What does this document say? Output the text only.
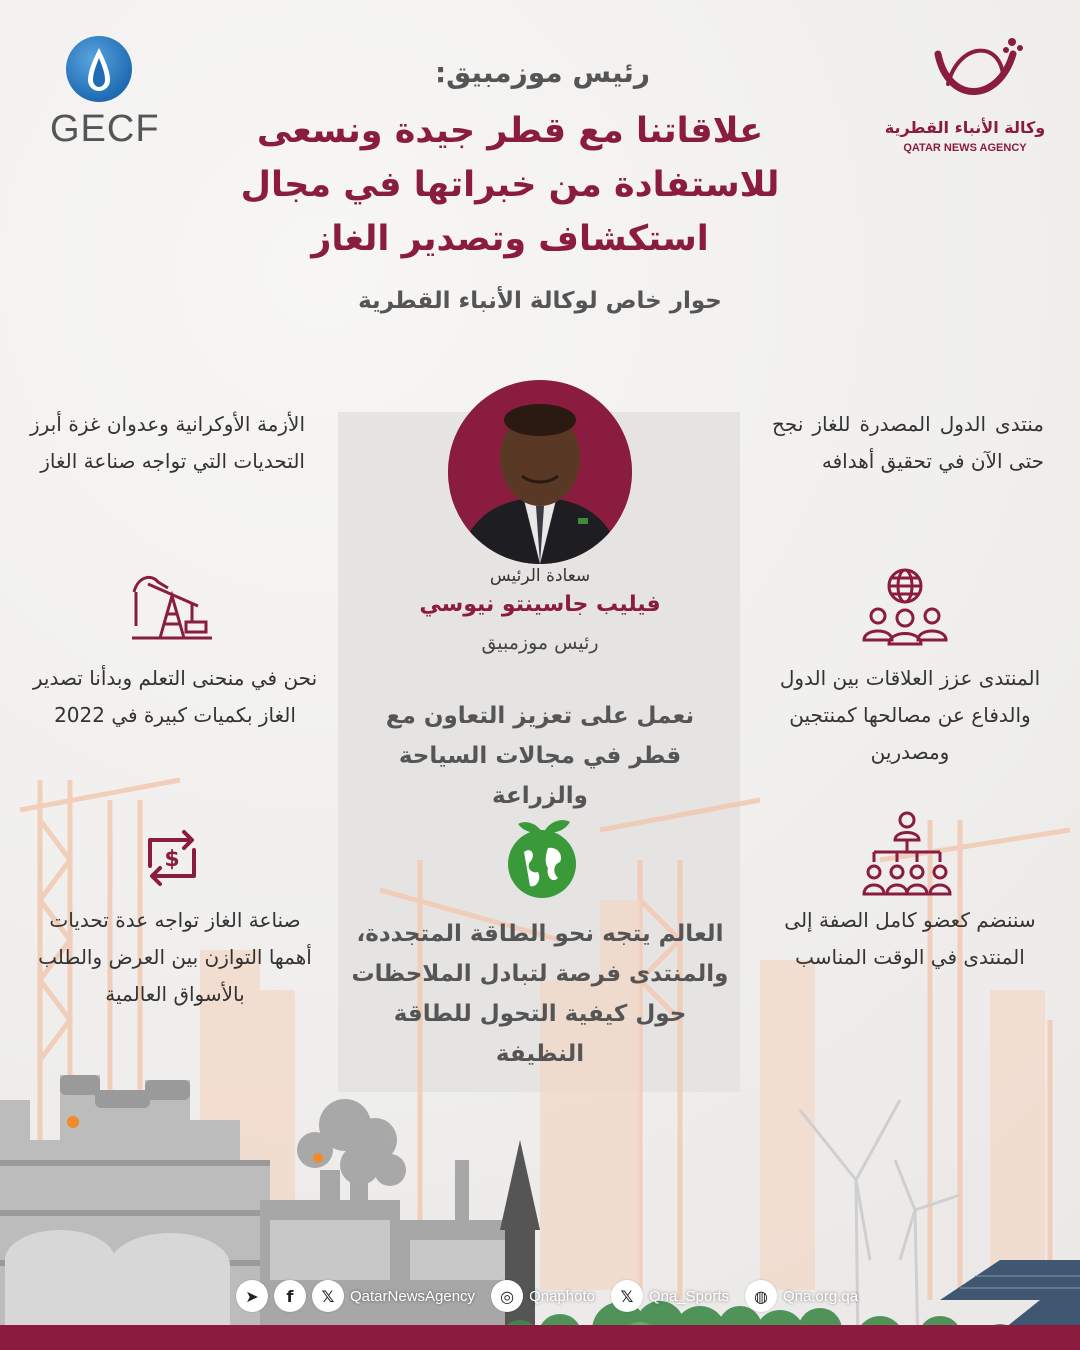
GECF	وكالة الأنباء القطرية
QATAR NEWS AGENCY
رئيس موزمبيق:
علاقاتنا مع قطر جيدة ونسعى للاستفادة من خبراتها في مجال استكشاف وتصدير الغاز
حوار خاص لوكالة الأنباء القطرية
سعادة الرئيس
فيليب جاسينتو نيوسي
رئيس موزمبيق
نعمل على تعزيز التعاون مع قطر في مجالات السياحة والزراعة
العالم يتجه نحو الطاقة المتجددة، والمنتدى فرصة لتبادل الملاحظات حول كيفية التحول للطاقة النظيفة
الأزمة الأوكرانية وعدوان غزة أبرز التحديات التي تواجه صناعة الغاز
نحن في منحنى التعلم وبدأنا تصدير الغاز بكميات كبيرة في 2022
$
صناعة الغاز تواجه عدة تحديات أهمها التوازن بين العرض والطلب بالأسواق العالمية
منتدى الدول المصدرة للغاز نجح حتى الآن في تحقيق أهدافه
المنتدى عزز العلاقات بين الدول والدفاع عن مصالحها كمنتجين ومصدرين
سننضم كعضو كامل الصفة إلى المنتدى في الوقت المناسب
➤	f	𝕏	QatarNewsAgency	◎	Qnaphoto	𝕏	Qna_Sports	◍	Qna.org.qa
